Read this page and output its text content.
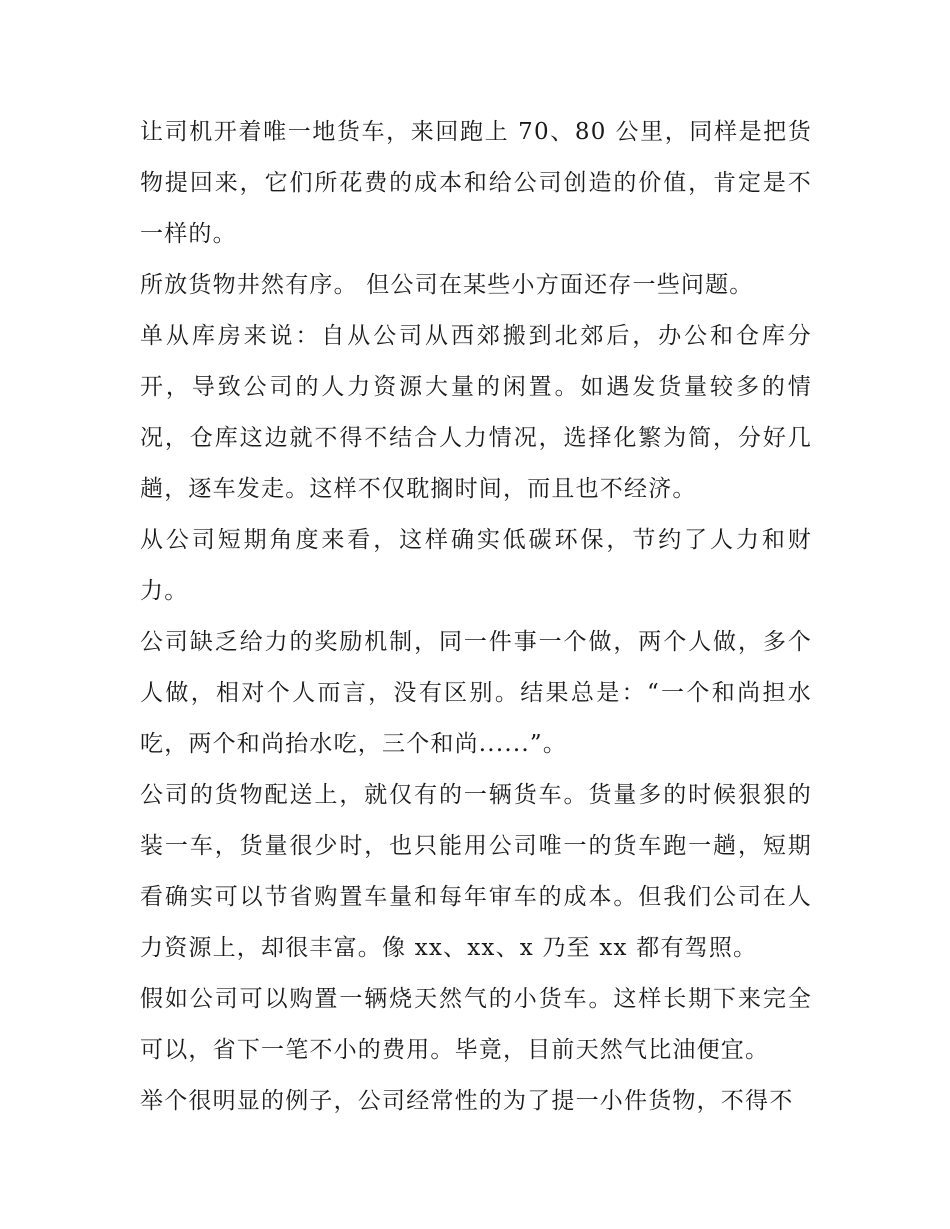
让司机开着唯一地货车，来回跑上 70、80 公里，同样是把货物提回来，它们所花费的成本和给公司创造的价值，肯定是不一样的。

所放货物井然有序。 但公司在某些小方面还存一些问题。

单从库房来说：自从公司从西郊搬到北郊后，办公和仓库分开，导致公司的人力资源大量的闲置。如遇发货量较多的情况，仓库这边就不得不结合人力情况，选择化繁为简，分好几趟，逐车发走。这样不仅耽搁时间，而且也不经济。

从公司短期角度来看，这样确实低碳环保，节约了人力和财力。

公司缺乏给力的奖励机制，同一件事一个做，两个人做，多个人做，相对个人而言，没有区别。结果总是：“一个和尚担水吃，两个和尚抬水吃，三个和尚......”。

公司的货物配送上，就仅有的一辆货车。货量多的时候狠狠的装一车，货量很少时，也只能用公司唯一的货车跑一趟，短期看确实可以节省购置车量和每年审车的成本。但我们公司在人力资源上，却很丰富。像 xx、xx、x 乃至 xx 都有驾照。

假如公司可以购置一辆烧天然气的小货车。这样长期下来完全可以，省下一笔不小的费用。毕竟，目前天然气比油便宜。

举个很明显的例子，公司经常性的为了提一小件货物，不得不
